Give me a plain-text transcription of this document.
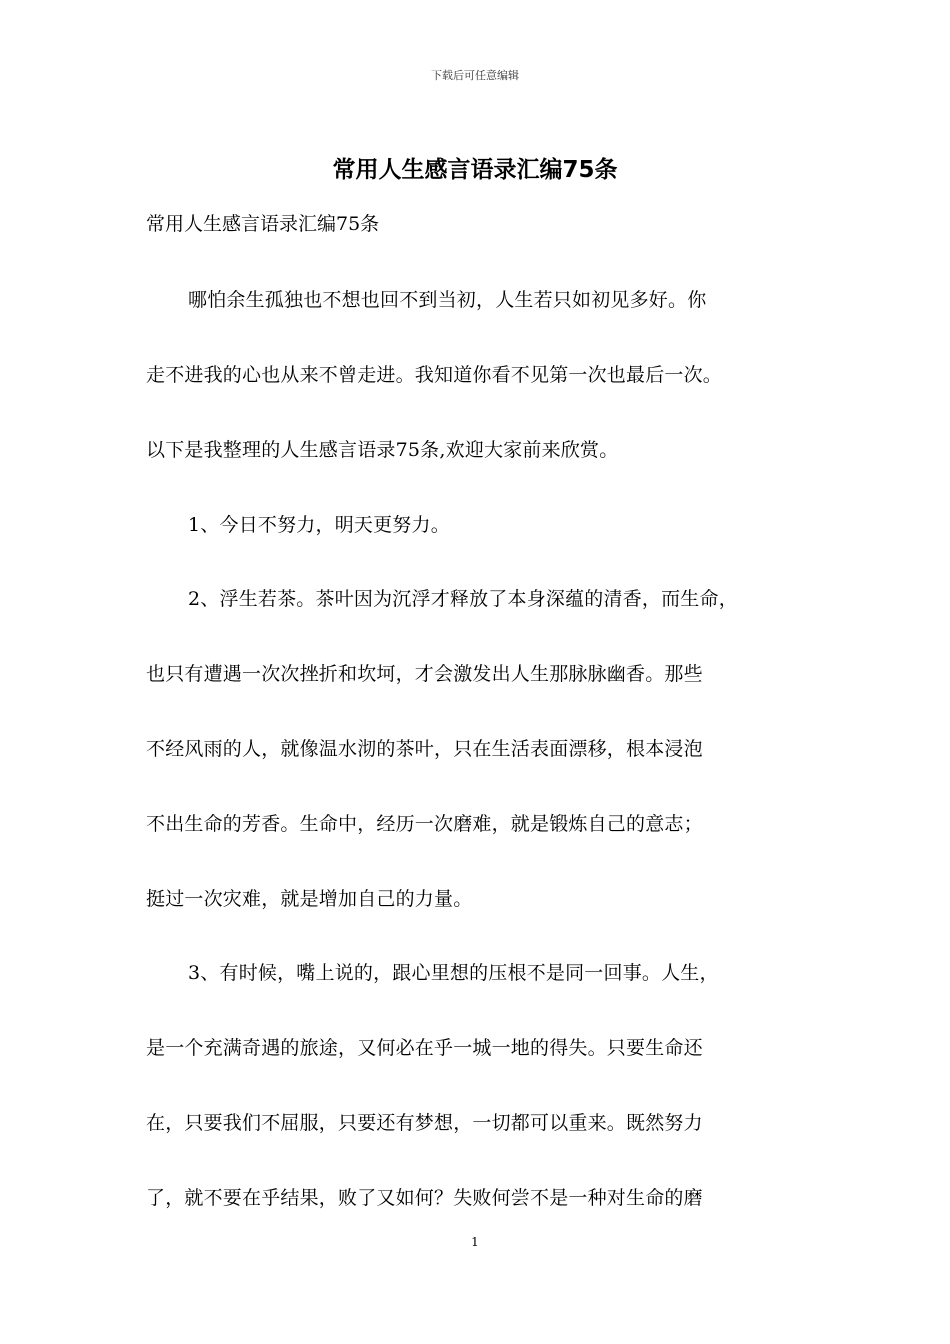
下载后可任意编辑
常用人生感言语录汇编75条

常用人生感言语录汇编75条

哪怕余生孤独也不想也回不到当初，人生若只如初见多好。你

走不进我的心也从来不曾走进。我知道你看不见第一次也最后一次。

以下是我整理的人生感言语录75条,欢迎大家前来欣赏。

1、今日不努力，明天更努力。

2、浮生若茶。茶叶因为沉浮才释放了本身深蕴的清香，而生命，

也只有遭遇一次次挫折和坎坷，才会激发出人生那脉脉幽香。那些

不经风雨的人，就像温水沏的茶叶，只在生活表面漂移，根本浸泡

不出生命的芳香。生命中，经历一次磨难，就是锻炼自己的意志；

挺过一次灾难，就是增加自己的力量。

3、有时候，嘴上说的，跟心里想的压根不是同一回事。人生，

是一个充满奇遇的旅途，又何必在乎一城一地的得失。只要生命还

在，只要我们不屈服，只要还有梦想，一切都可以重来。既然努力

了，就不要在乎结果，败了又如何？失败何尝不是一种对生命的磨

1
